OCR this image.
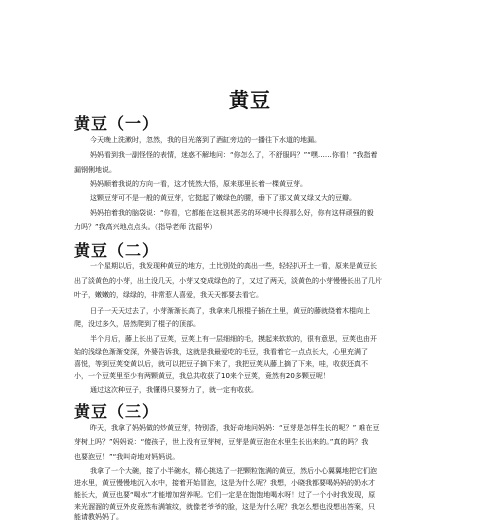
黄豆
黄豆（一）
今天晚上洗漱时，忽然，我的目光落到了酒缸旁边的一播往下水道的地漏。
妈妈看到我一副怪怪的表情，迷惑不解地问：“你怎么了，不舒服吗？”“嘿……你看！”我指着
漏钢俐地说。
妈妈顺着我说的方向一看，这才恍然大悟，原来那里长着一棵黄豆芽。
这颗豆芽可不是一般的黄豆芽，它挺起了嫩绿色的腰，垂下了那又黄又绿又大的豆瓣。
妈妈拍着我的脑袋说：“你看，它都能在这根其恶劣的环境中长得那么好，你有这样顽强的毅
力吗？”我高兴地点点头。（指导老师 沈韶华）
黄豆（二）
一个星期以后，我发现种黄豆的地方，土比别处的高出一些，轻轻扒开土一看，原来是黄豆长
出了淡黄色的小芽，出土没几天，小芽又变成绿色的了，又过了两天，淡黄色的小芽慢慢长出了几片
叶子，嫩嫩的，绿绿的，非常惹人喜爱，我天天都要去看它。
日子一天天过去了，小芽渐渐长高了，我拿来几根棍子插在土里，黄豆的藤就绕着木棍向上
爬，没过多久，居然爬到了棍子的顶部。
半个月后，藤上长出了豆荚，豆荚上有一层细细的毛，摸起来软软的，很有意思，豆荚也由开
始的浅绿色渐渐变深，外婆告诉我，这就是我最爱吃的毛豆，我看着它一点点长大，心里充满了
喜悦，等到豆荚变黄以后，就可以把豆子摘下来了，我把豆荚从藤上摘了下来，哇，收获还真不
小，一个豆荚里至少有两颗黄豆，我总共收获了10来个豆荚，竟然有20多颗豆呢！
通过这次种豆子，我懂得只要努力了，就一定有收获。
黄豆（三）
昨天，我拿了妈妈做的炒黄豆芽，特别香，我好奇地问妈妈：“豆芽是怎样生长的呢？” 难在豆
芽树上吗？”妈妈说：“傻孩子，世上没有豆芽树，豆芽是黄豆泡在水里生长出来的。”真的吗？我
也要泡豆！”“我叫奇地对妈妈说。
我拿了一个大碗，接了小半碗水，精心挑选了一把颗粒饱满的黄豆，然后小心翼翼地把它们泡
进水里，黄豆慢慢地沉入水中，接着开始冒泡，这是为什么呢？我想，小晓我都要喝妈妈的奶水才
能长大，黄豆也要“喝水”才能增加营养呢。它们一定是在饱饱地喝水呀！过了一个小时我发现，原
来光溜溜的黄豆外皮竟然布满皱纹，就像老爷爷的脸，这是为什么呢？我怎么想也没想出答案，只
能请教妈妈了。
